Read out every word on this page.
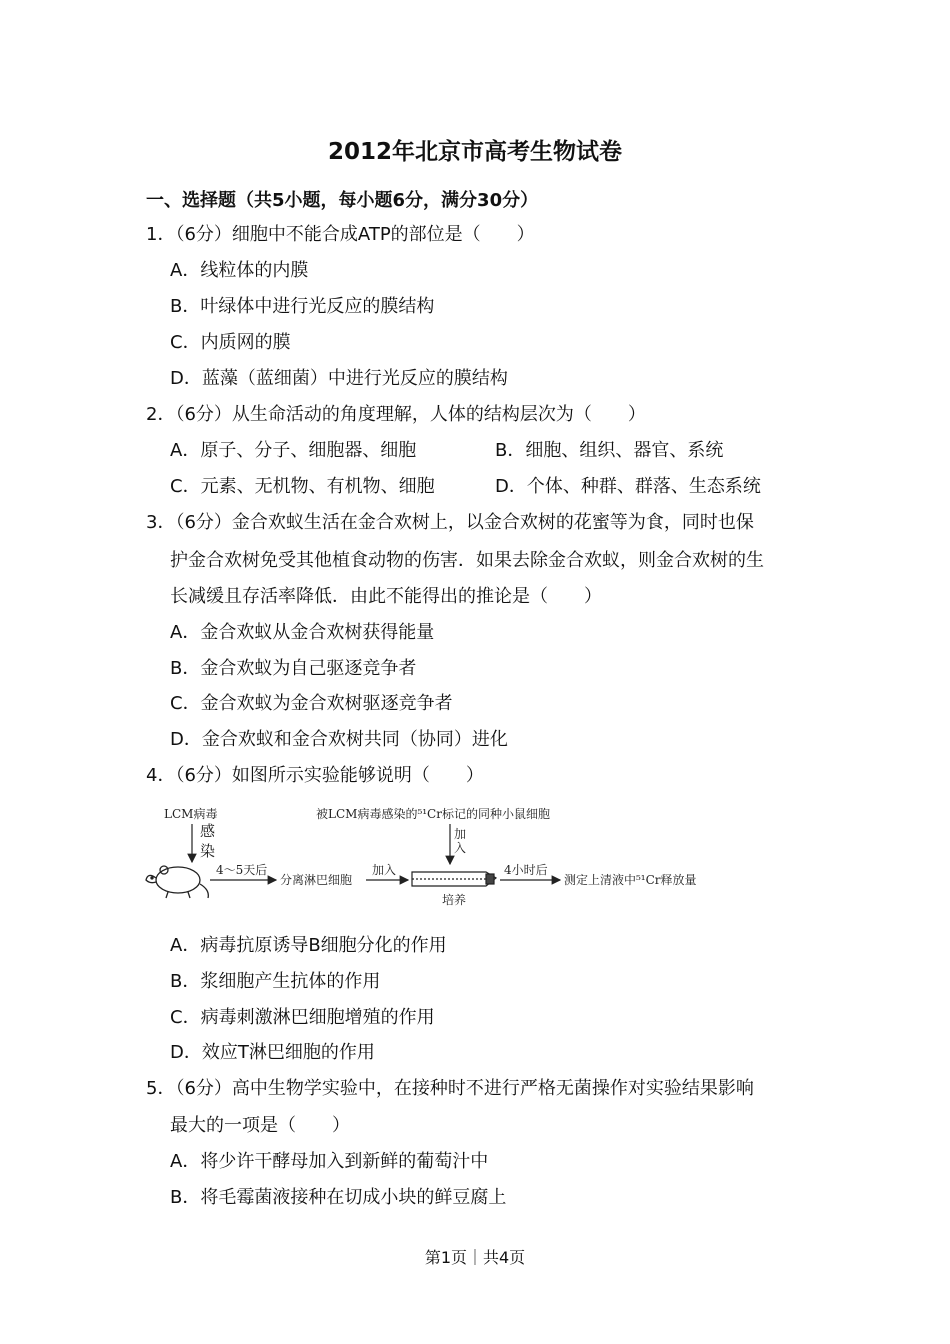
2012年北京市高考生物试卷
一、选择题（共5小题，每小题6分，满分30分）
1．（6分）细胞中不能合成ATP的部位是（　　）
A．线粒体的内膜
B．叶绿体中进行光反应的膜结构
C．内质网的膜
D．蓝藻（蓝细菌）中进行光反应的膜结构
2．（6分）从生命活动的角度理解，人体的结构层次为（　　）
A．原子、分子、细胞器、细胞	B．细胞、组织、器官、系统
C．元素、无机物、有机物、细胞	D．个体、种群、群落、生态系统
3．（6分）金合欢蚁生活在金合欢树上，以金合欢树的花蜜等为食，同时也保
护金合欢树免受其他植食动物的伤害．如果去除金合欢蚁，则金合欢树的生
长减缓且存活率降低．由此不能得出的推论是（　　）
A．金合欢蚁从金合欢树获得能量
B．金合欢蚁为自己驱逐竞争者
C．金合欢蚁为金合欢树驱逐竞争者
D．金合欢蚁和金合欢树共同（协同）进化
4．（6分）如图所示实验能够说明（　　）
LCM病毒
感
染
4～5天后
分离淋巴细胞
加入
被LCM病毒感染的⁵¹Cr标记的同种小鼠细胞
加
入
培养
4小时后
测定上清液中⁵¹Cr释放量
A．病毒抗原诱导B细胞分化的作用
B．浆细胞产生抗体的作用
C．病毒刺激淋巴细胞增殖的作用
D．效应T淋巴细胞的作用
5．（6分）高中生物学实验中，在接种时不进行严格无菌操作对实验结果影响
最大的一项是（　　）
A．将少许干酵母加入到新鲜的葡萄汁中
B．将毛霉菌液接种在切成小块的鲜豆腐上
第1页｜共4页
